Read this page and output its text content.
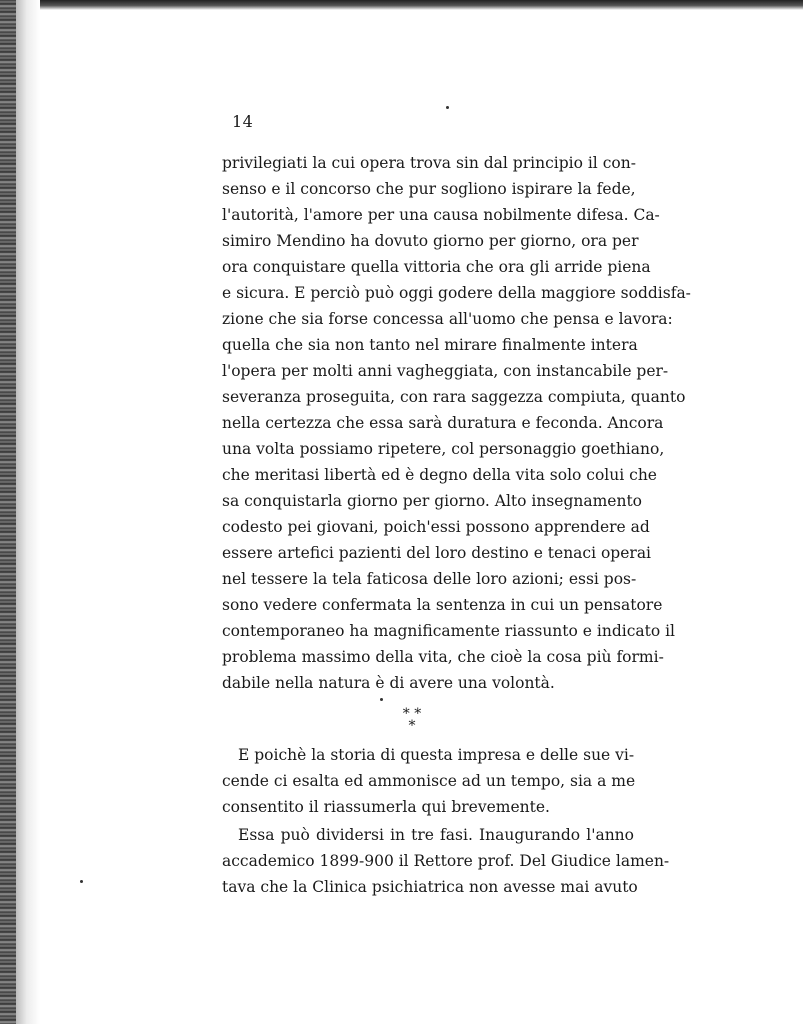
14
privilegiati la cui opera trova sin dal principio il con-
senso e il concorso che pur sogliono ispirare la fede,
l'autorità, l'amore per una causa nobilmente difesa. Ca-
simiro Mendino ha dovuto giorno per giorno, ora per
ora conquistare quella vittoria che ora gli arride piena
e sicura. E perciò può oggi godere della maggiore soddisfa-
zione che sia forse concessa all'uomo che pensa e lavora:
quella che sia non tanto nel mirare finalmente intera
l'opera per molti anni vagheggiata, con instancabile per-
severanza proseguita, con rara saggezza compiuta, quanto
nella certezza che essa sarà duratura e feconda. Ancora
una volta possiamo ripetere, col personaggio goethiano,
che meritasi libertà ed è degno della vita solo colui che
sa conquistarla giorno per giorno. Alto insegnamento
codesto pei giovani, poich'essi possono apprendere ad
essere artefici pazienti del loro destino e tenaci operai
nel tessere la tela faticosa delle loro azioni; essi pos-
sono vedere confermata la sentenza in cui un pensatore
contemporaneo ha magnificamente riassunto e indicato il
problema massimo della vita, che cioè la cosa più formi-
dabile nella natura è di avere una volontà.
* * *
E poichè la storia di questa impresa e delle sue vi-
cende ci esalta ed ammonisce ad un tempo, sia a me
consentito il riassumerla qui brevemente.
Essa può dividersi in tre fasi. Inaugurando l'anno
accademico 1899-900 il Rettore prof. Del Giudice lamen-
tava che la Clinica psichiatrica non avesse mai avuto
